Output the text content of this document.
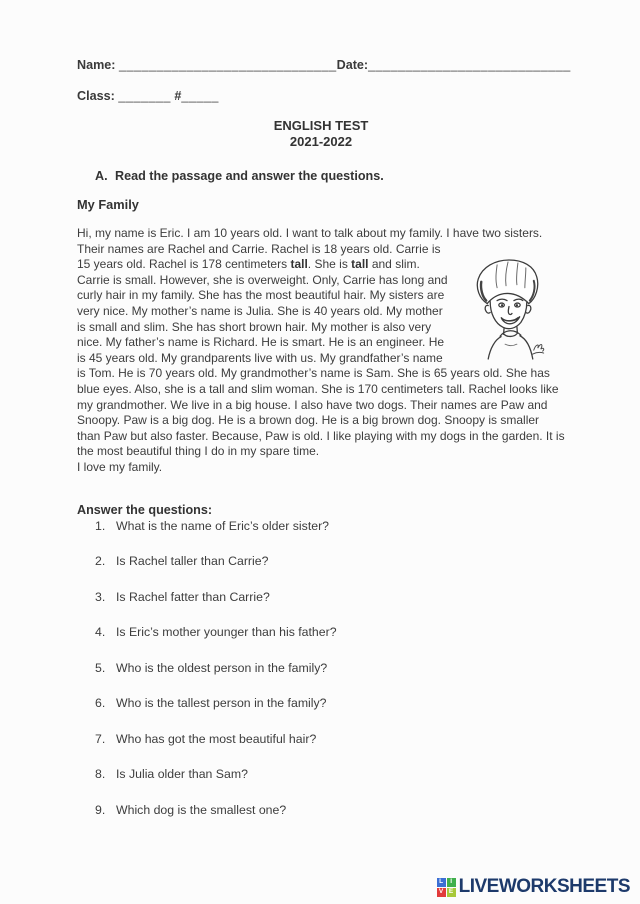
Name: _____________________________ Date:___________________________
Class: _______ #_____
ENGLISH TEST
2021-2022
A. Read the passage and answer the questions.
My Family

Hi, my name is Eric. I am 10 years old. I want to talk about my family. I have two sisters. Their names are Rachel and Carrie. Rachel is 18 years old. Carrie is 15 years old. Rachel is 178 centimeters tall. She is tall and slim. Carrie is small. However, she is overweight. Only, Carrie has long and curly hair in my family. She has the most beautiful hair. My sisters are very nice. My mother’s name is Julia. She is 40 years old. My mother is small and slim. She has short brown hair. My mother is also very nice. My father’s name is Richard. He is smart. He is an engineer. He is 45 years old. My grandparents live with us. My grandfather’s name is Tom. He is 70 years old. My grandmother’s name is Sam. She is 65 years old. She has blue eyes. Also, she is a tall and slim woman. She is 170 centimeters tall. Rachel looks like my grandmother. We live in a big house. I also have two dogs. Their names are Paw and Snoopy. Paw is a big dog. He is a brown dog. He is a big brown dog. Snoopy is smaller than Paw but also faster. Because, Paw is old. I like playing with my dogs in the garden. It is the most beautiful thing I do in my spare time.
I love my family.

Answer the questions:
1. What is the name of Eric’s older sister?
2. Is Rachel taller than Carrie?
3. Is Rachel fatter than Carrie?
4. Is Eric’s mother younger than his father?
5. Who is the oldest person in the family?
6. Who is the tallest person in the family?
7. Who has got the most beautiful hair?
8. Is Julia older than Sam?
9. Which dog is the smallest one?
L	I
V E LIVEWORKSHEETS
